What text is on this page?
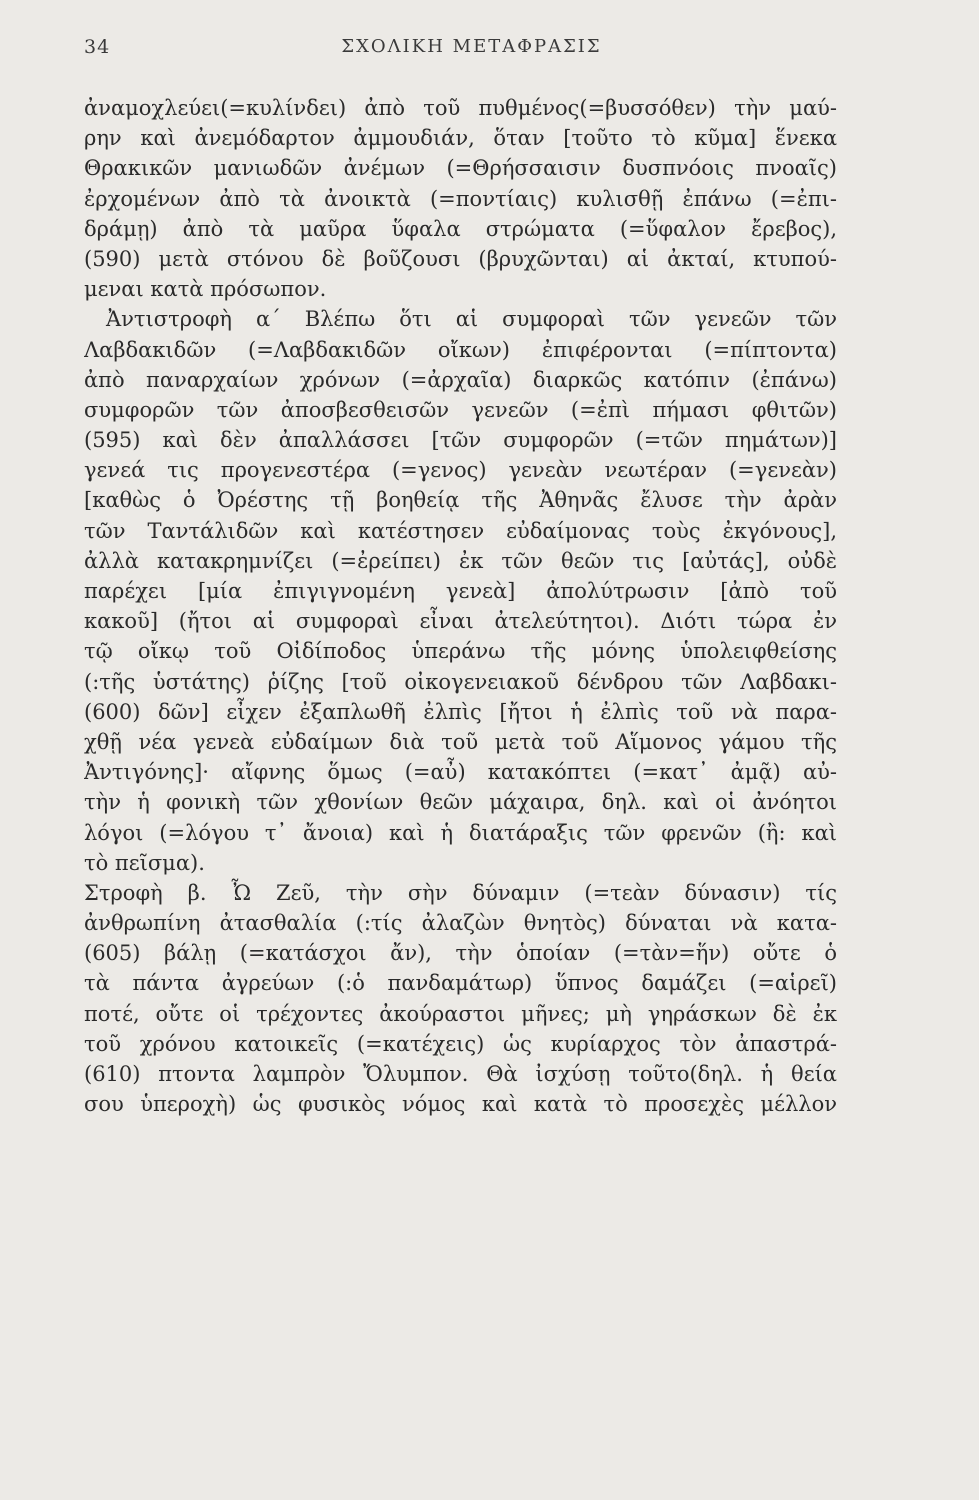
34	ΣΧΟΛΙΚΗ ΜΕΤΑΦΡΑΣΙΣ
ἀναμοχλεύει(=κυλίνδει) ἀπὸ τοῦ πυθμένος(=βυσσόθεν) τὴν μαύ-
ρην καὶ ἀνεμόδαρτον ἀμμουδιάν, ὅταν [τοῦτο τὸ κῦμα] ἕνεκα
Θρακικῶν μανιωδῶν ἀνέμων (=Θρήσσαισιν δυσπνόοις πνοαῖς)
ἐρχομένων ἀπὸ τὰ ἀνοικτὰ (=ποντίαις) κυλισθῇ ἐπάνω (=ἐπι-
δράμῃ) ἀπὸ τὰ μαῦρα ὕφαλα στρώματα (=ὕφαλον ἔρεβος),
(590) μετὰ στόνου δὲ βοῦζουσι (βρυχῶνται) αἱ ἀκταί, κτυπού-
μεναι κατὰ πρόσωπον.
Ἀντιστροφὴ α´ Βλέπω ὅτι αἱ συμφοραὶ τῶν γενεῶν τῶν
Λαβδακιδῶν (=Λαβδακιδῶν οἴκων) ἐπιφέρονται (=πίπτοντα)
ἀπὸ παναρχαίων χρόνων (=ἀρχαῖα) διαρκῶς κατόπιν (ἐπάνω)
συμφορῶν τῶν ἀποσβεσθεισῶν γενεῶν (=ἐπὶ πήμασι φθιτῶν)
(595) καὶ δὲν ἀπαλλάσσει [τῶν συμφορῶν (=τῶν πημάτων)]
γενεά τις προγενεστέρα (=γενος) γενεὰν νεωτέραν (=γενεὰν)
[καθὼς ὁ Ὀρέστης τῇ βοηθείᾳ τῆς Ἀθηνᾶς ἔλυσε τὴν ἀρὰν
τῶν Ταντάλιδῶν καὶ κατέστησεν εὐδαίμονας τοὺς ἐκγόνους],
ἀλλὰ κατακρημνίζει (=ἐρείπει) ἐκ τῶν θεῶν τις [αὐτάς], οὐδὲ
παρέχει [μία ἐπιγιγνομένη γενεὰ] ἀπολύτρωσιν [ἀπὸ τοῦ
κακοῦ] (ἤτοι αἱ συμφοραὶ εἶναι ἀτελεύτητοι). Διότι τώρα ἐν
τῷ οἴκῳ τοῦ Οἰδίποδος ὑπεράνω τῆς μόνης ὑπολειφθείσης
(:τῆς ὑστάτης) ῥίζης [τοῦ οἰκογενειακοῦ δένδρου τῶν Λαβδακι-
(600) δῶν] εἶχεν ἐξαπλωθῆ ἐλπὶς [ἤτοι ἡ ἐλπὶς τοῦ νὰ παρα-
χθῇ νέα γενεὰ εὐδαίμων διὰ τοῦ μετὰ τοῦ Αἵμονος γάμου τῆς
Ἀντιγόνης]· αἴφνης ὅμως (=αὖ) κατακόπτει (=κατ᾿ ἀμᾷ) αὐ-
τὴν ἡ φονικὴ τῶν χθονίων θεῶν μάχαιρα, δηλ. καὶ οἱ ἀνόητοι
λόγοι (=λόγου τ᾿ ἄνοια) καὶ ἡ διατάραξις τῶν φρενῶν (ἢ: καὶ
τὸ πεῖσμα).
Στροφὴ β. Ὦ Ζεῦ, τὴν σὴν δύναμιν (=τεὰν δύνασιν) τίς
ἀνθρωπίνη ἀτασθαλία (:τίς ἀλαζὼν θνητὸς) δύναται νὰ κατα-
(605) βάλῃ (=κατάσχοι ἄν), τὴν ὁποίαν (=τὰν=ἥν) οὔτε ὁ
τὰ πάντα ἀγρεύων (:ὁ πανδαμάτωρ) ὕπνος δαμάζει (=αἱρεῖ)
ποτέ, οὔτε οἱ τρέχοντες ἀκούραστοι μῆνες; μὴ γηράσκων δὲ ἐκ
τοῦ χρόνου κατοικεῖς (=κατέχεις) ὡς κυρίαρχος τὸν ἀπαστρά-
(610) πτοντα λαμπρὸν Ὄλυμπον. Θὰ ἰσχύσῃ τοῦτο(δηλ. ἡ θεία
σου ὑπεροχὴ) ὡς φυσικὸς νόμος καὶ κατὰ τὸ προσεχὲς μέλλον
